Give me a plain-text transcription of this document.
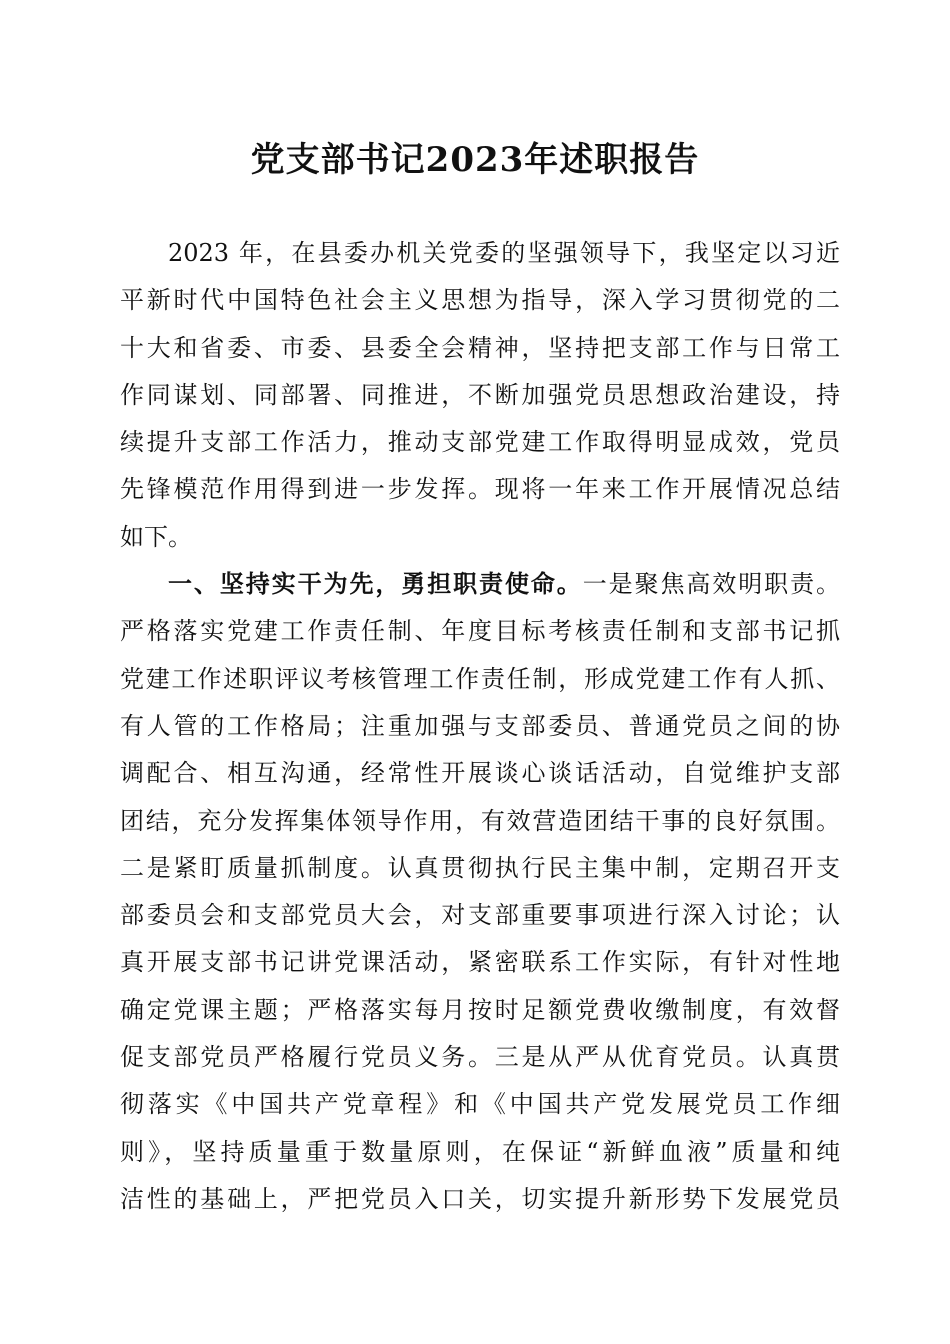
党支部书记2023年述职报告
2023 年，在县委办机关党委的坚强领导下，我坚定以习近
平新时代中国特色社会主义思想为指导，深入学习贯彻党的二
十大和省委、市委、县委全会精神，坚持把支部工作与日常工
作同谋划、同部署、同推进，不断加强党员思想政治建设，持
续提升支部工作活力，推动支部党建工作取得明显成效，党员
先锋模范作用得到进一步发挥。现将一年来工作开展情况总结
如下。
一、坚持实干为先，勇担职责使命。一是聚焦高效明职责。
严格落实党建工作责任制、年度目标考核责任制和支部书记抓
党建工作述职评议考核管理工作责任制，形成党建工作有人抓、
有人管的工作格局；注重加强与支部委员、普通党员之间的协
调配合、相互沟通，经常性开展谈心谈话活动，自觉维护支部
团结，充分发挥集体领导作用，有效营造团结干事的良好氛围。
二是紧盯质量抓制度。认真贯彻执行民主集中制，定期召开支
部委员会和支部党员大会，对支部重要事项进行深入讨论；认
真开展支部书记讲党课活动，紧密联系工作实际，有针对性地
确定党课主题；严格落实每月按时足额党费收缴制度，有效督
促支部党员严格履行党员义务。三是从严从优育党员。认真贯
彻落实《中国共产党章程》和《中国共产党发展党员工作细
则》，坚持质量重于数量原则，在保证“新鲜血液”质量和纯
洁性的基础上，严把党员入口关，切实提升新形势下发展党员
